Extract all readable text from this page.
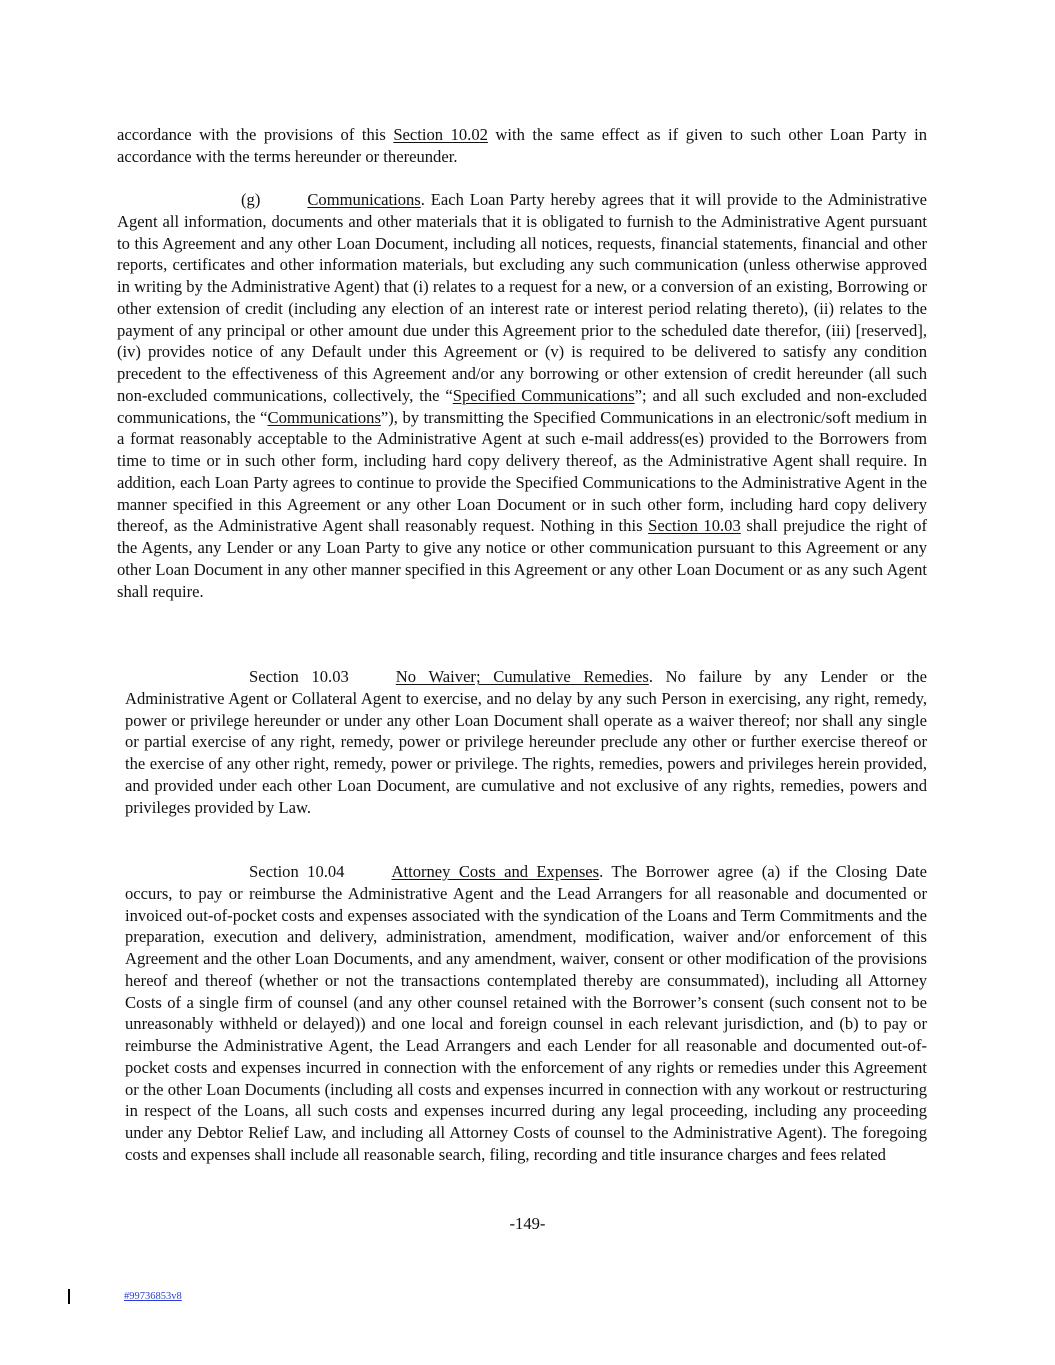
accordance with the provisions of this Section 10.02 with the same effect as if given to such other Loan Party in accordance with the terms hereunder or thereunder.

(g)	Communications. Each Loan Party hereby agrees that it will provide to the Administrative Agent all information, documents and other materials that it is obligated to furnish to the Administrative Agent pursuant to this Agreement and any other Loan Document, including all notices, requests, financial statements, financial and other reports, certificates and other information materials, but excluding any such communication (unless otherwise approved in writing by the Administrative Agent) that (i) relates to a request for a new, or a conversion of an existing, Borrowing or other extension of credit (including any election of an interest rate or interest period relating thereto), (ii) relates to the payment of any principal or other amount due under this Agreement prior to the scheduled date therefor, (iii) [reserved], (iv) provides notice of any Default under this Agreement or (v) is required to be delivered to satisfy any condition precedent to the effectiveness of this Agreement and/or any borrowing or other extension of credit hereunder (all such non-excluded communications, collectively, the “Specified Communications”; and all such excluded and non-excluded communications, the “Communications”), by transmitting the Specified Communications in an electronic/soft medium in a format reasonably acceptable to the Administrative Agent at such e-mail address(es) provided to the Borrowers from time to time or in such other form, including hard copy delivery thereof, as the Administrative Agent shall require. In addition, each Loan Party agrees to continue to provide the Specified Communications to the Administrative Agent in the manner specified in this Agreement or any other Loan Document or in such other form, including hard copy delivery thereof, as the Administrative Agent shall reasonably request. Nothing in this Section 10.03 shall prejudice the right of the Agents, any Lender or any Loan Party to give any notice or other communication pursuant to this Agreement or any other Loan Document in any other manner specified in this Agreement or any other Loan Document or as any such Agent shall require.

Section 10.03	No Waiver; Cumulative Remedies. No failure by any Lender or the Administrative Agent or Collateral Agent to exercise, and no delay by any such Person in exercising, any right, remedy, power or privilege hereunder or under any other Loan Document shall operate as a waiver thereof; nor shall any single or partial exercise of any right, remedy, power or privilege hereunder preclude any other or further exercise thereof or the exercise of any other right, remedy, power or privilege. The rights, remedies, powers and privileges herein provided, and provided under each other Loan Document, are cumulative and not exclusive of any rights, remedies, powers and privileges provided by Law.

Section 10.04	Attorney Costs and Expenses. The Borrower agree (a) if the Closing Date occurs, to pay or reimburse the Administrative Agent and the Lead Arrangers for all reasonable and documented or invoiced out-of-pocket costs and expenses associated with the syndication of the Loans and Term Commitments and the preparation, execution and delivery, administration, amendment, modification, waiver and/or enforcement of this Agreement and the other Loan Documents, and any amendment, waiver, consent or other modification of the provisions hereof and thereof (whether or not the transactions contemplated thereby are consummated), including all Attorney Costs of a single firm of counsel (and any other counsel retained with the Borrower’s consent (such consent not to be unreasonably withheld or delayed)) and one local and foreign counsel in each relevant jurisdiction, and (b) to pay or reimburse the Administrative Agent, the Lead Arrangers and each Lender for all reasonable and documented out-of-pocket costs and expenses incurred in connection with the enforcement of any rights or remedies under this Agreement or the other Loan Documents (including all costs and expenses incurred in connection with any workout or restructuring in respect of the Loans, all such costs and expenses incurred during any legal proceeding, including any proceeding under any Debtor Relief Law, and including all Attorney Costs of counsel to the Administrative Agent). The foregoing costs and expenses shall include all reasonable search, filing, recording and title insurance charges and fees related

-149-
#99736853v8
